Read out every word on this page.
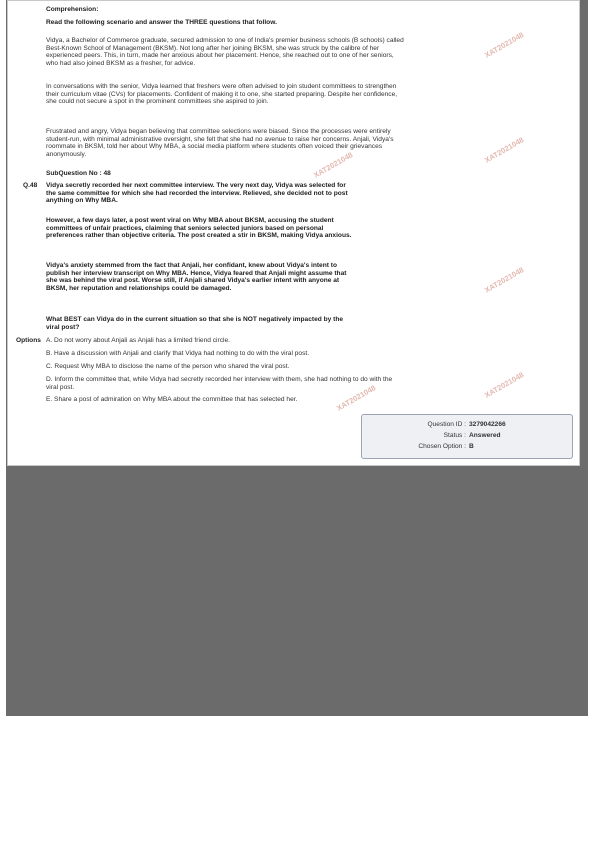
XAT2021048
XAT2021048
XAT2021048
XAT2021048
XAT2021048
XAT2021048
Comprehension:
Read the following scenario and answer the THREE questions that follow.
Vidya, a Bachelor of Commerce graduate, secured admission to one of India's premier business schools (B schools) called Best-Known School of Management (BKSM). Not long after her joining BKSM, she was struck by the calibre of her experienced peers. This, in turn, made her anxious about her placement. Hence, she reached out to one of her seniors, who had also joined BKSM as a fresher, for advice.
In conversations with the senior, Vidya learned that freshers were often advised to join student committees to strengthen their curriculum vitae (CVs) for placements. Confident of making it to one, she started preparing. Despite her confidence, she could not secure a spot in the prominent committees she aspired to join.
Frustrated and angry, Vidya began believing that committee selections were biased. Since the processes were entirely student-run, with minimal administrative oversight, she felt that she had no avenue to raise her concerns. Anjali, Vidya's roommate in BKSM, told her about Why MBA, a social media platform where students often voiced their grievances anonymously.
SubQuestion No : 48
Q.48	Vidya secretly recorded her next committee interview. The very next day, Vidya was selected for the same committee for which she had recorded the interview. Relieved, she decided not to post anything on Why MBA.
However, a few days later, a post went viral on Why MBA about BKSM, accusing the student committees of unfair practices, claiming that seniors selected juniors based on personal preferences rather than objective criteria. The post created a stir in BKSM, making Vidya anxious.
Vidya's anxiety stemmed from the fact that Anjali, her confidant, knew about Vidya's intent to publish her interview transcript on Why MBA. Hence, Vidya feared that Anjali might assume that she was behind the viral post. Worse still, if Anjali shared Vidya's earlier intent with anyone at BKSM, her reputation and relationships could be damaged.
What BEST can Vidya do in the current situation so that she is NOT negatively impacted by the viral post?
Options A. Do not worry about Anjali as Anjali has a limited friend circle.
B. Have a discussion with Anjali and clarify that Vidya had nothing to do with the viral post.
C. Request Why MBA to disclose the name of the person who shared the viral post.
D. Inform the committee that, while Vidya had secretly recorded her interview with them, she had nothing to do with the viral post.
E. Share a post of admiration on Why MBA about the committee that has selected her.
Question ID : 3279042266
Status : Answered
Chosen Option : B
